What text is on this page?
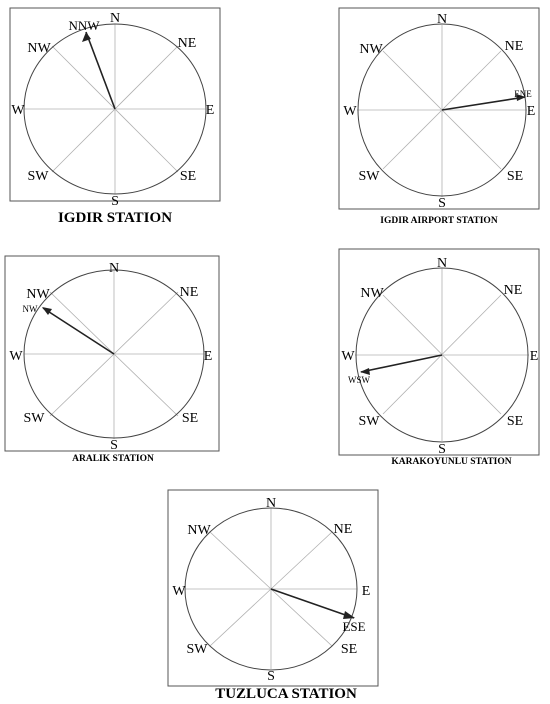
N
NE
E
SE
S
SW
W
NW
NNW
IGDIR STATION
N
NE
E
SE
S
SW
W
NW
ENE
IGDIR AIRPORT STATION
N
NE
E
SE
S
SW
W
NW
NW
ARALIK STATION
N
NE
E
SE
S
SW
W
NW
WSW
KARAKOYUNLU STATION
N
NE
E
SE
S
SW
W
NW
ESE
TUZLUCA STATION
